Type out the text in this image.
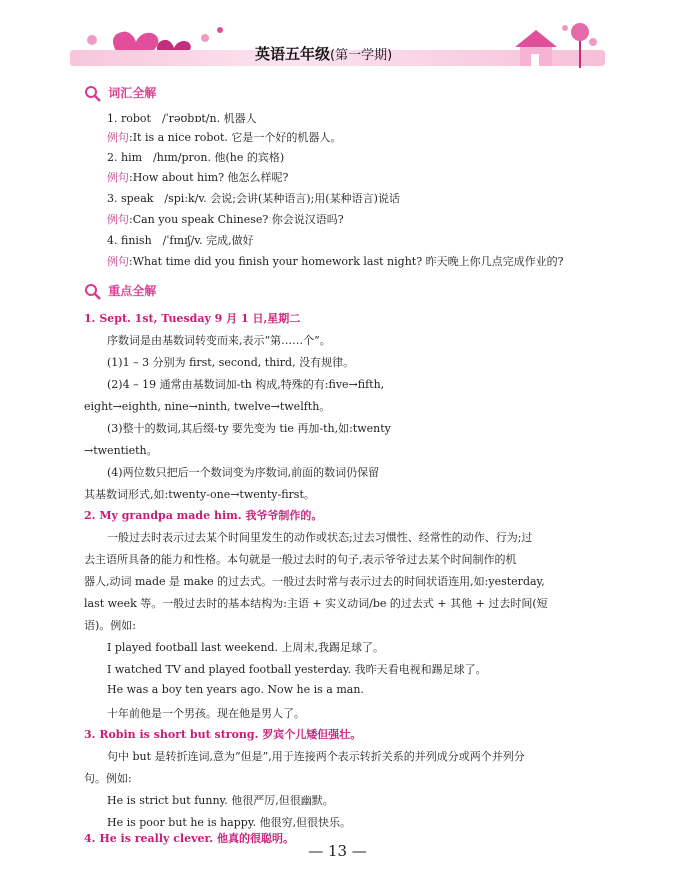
英语五年级(第一学期)
词汇全解
1. robot　/ˈrəʊbɒt/n. 机器人
例句:It is a nice robot. 它是一个好的机器人。
2. him　/hɪm/pron. 他(he 的宾格)
例句:How about him? 他怎么样呢?
3. speak　/spiːk/v. 会说;会讲(某种语言);用(某种语言)说话
例句:Can you speak Chinese? 你会说汉语吗?
4. finish　/ˈfɪnɪʃ/v. 完成,做好
例句:What time did you finish your homework last night? 昨天晚上你几点完成作业的?
重点全解
1. Sept. 1st, Tuesday 9 月 1 日,星期二
序数词是由基数词转变而来,表示“第……个”。
(1)1 – 3 分别为 first, second, third, 没有规律。
(2)4 – 19 通常由基数词加-th 构成,特殊的有:five→fifth,
eight→eighth, nine→ninth, twelve→twelfth。
(3)整十的数词,其后缀-ty 要先变为 tie 再加-th,如:twenty
→twentieth。
(4)两位数只把后一个数词变为序数词,前面的数词仍保留
其基数词形式,如:twenty-one→twenty-first。
2. My grandpa made him. 我爷爷制作的。
一般过去时表示过去某个时间里发生的动作或状态;过去习惯性、经常性的动作、行为;过
去主语所具备的能力和性格。本句就是一般过去时的句子,表示爷爷过去某个时间制作的机
器人,动词 made 是 make 的过去式。一般过去时常与表示过去的时间状语连用,如:yesterday,
last week 等。一般过去时的基本结构为:主语 + 实义动词/be 的过去式 + 其他 + 过去时间(短
语)。例如:
I played football last weekend. 上周末,我踢足球了。
I watched TV and played football yesterday. 我昨天看电视和踢足球了。
He was a boy ten years ago. Now he is a man.
十年前他是一个男孩。现在他是男人了。
3. Robin is short but strong. 罗宾个儿矮但强壮。
句中 but 是转折连词,意为“但是”,用于连接两个表示转折关系的并列成分或两个并列分
句。例如:
He is strict but funny. 他很严厉,但很幽默。
He is poor but he is happy. 他很穷,但很快乐。
4. He is really clever. 他真的很聪明。
— 13 —
